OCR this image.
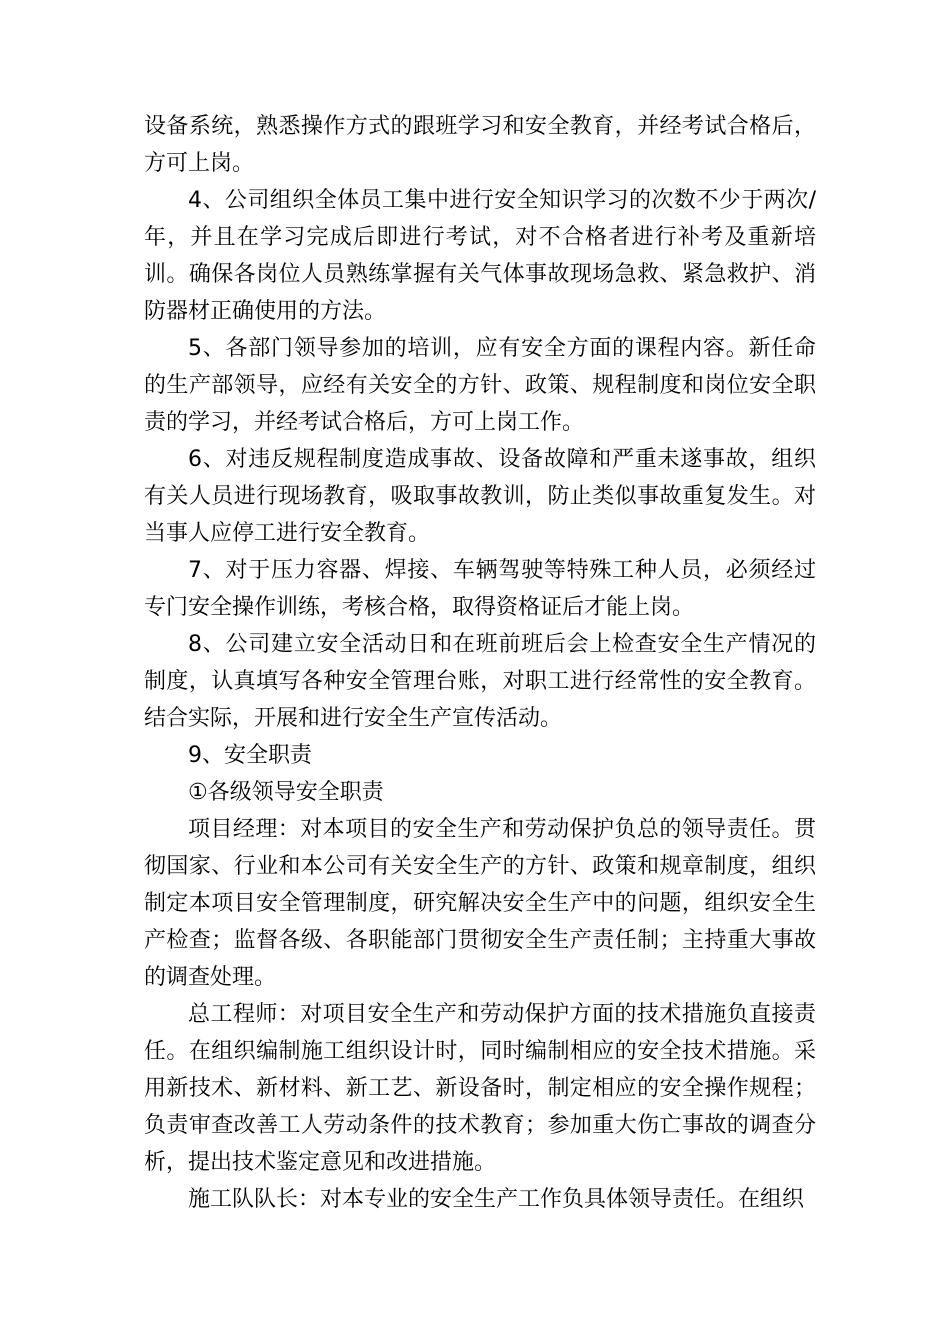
设备系统，熟悉操作方式的跟班学习和安全教育，并经考试合格后，方可上岗。

4、公司组织全体员工集中进行安全知识学习的次数不少于两次/年，并且在学习完成后即进行考试，对不合格者进行补考及重新培训。确保各岗位人员熟练掌握有关气体事故现场急救、紧急救护、消防器材正确使用的方法。

5、各部门领导参加的培训，应有安全方面的课程内容。新任命的生产部领导，应经有关安全的方针、政策、规程制度和岗位安全职责的学习，并经考试合格后，方可上岗工作。

6、对违反规程制度造成事故、设备故障和严重未遂事故，组织有关人员进行现场教育，吸取事故教训，防止类似事故重复发生。对当事人应停工进行安全教育。

7、对于压力容器、焊接、车辆驾驶等特殊工种人员，必须经过专门安全操作训练，考核合格，取得资格证后才能上岗。

8、公司建立安全活动日和在班前班后会上检查安全生产情况的制度，认真填写各种安全管理台账，对职工进行经常性的安全教育。结合实际，开展和进行安全生产宣传活动。

9、安全职责

①各级领导安全职责

项目经理：对本项目的安全生产和劳动保护负总的领导责任。贯彻国家、行业和本公司有关安全生产的方针、政策和规章制度，组织制定本项目安全管理制度，研究解决安全生产中的问题，组织安全生产检查；监督各级、各职能部门贯彻安全生产责任制；主持重大事故的调查处理。

总工程师：对项目安全生产和劳动保护方面的技术措施负直接责任。在组织编制施工组织设计时，同时编制相应的安全技术措施。采用新技术、新材料、新工艺、新设备时，制定相应的安全操作规程；负责审查改善工人劳动条件的技术教育；参加重大伤亡事故的调查分析，提出技术鉴定意见和改进措施。

施工队队长：对本专业的安全生产工作负具体领导责任。在组织
